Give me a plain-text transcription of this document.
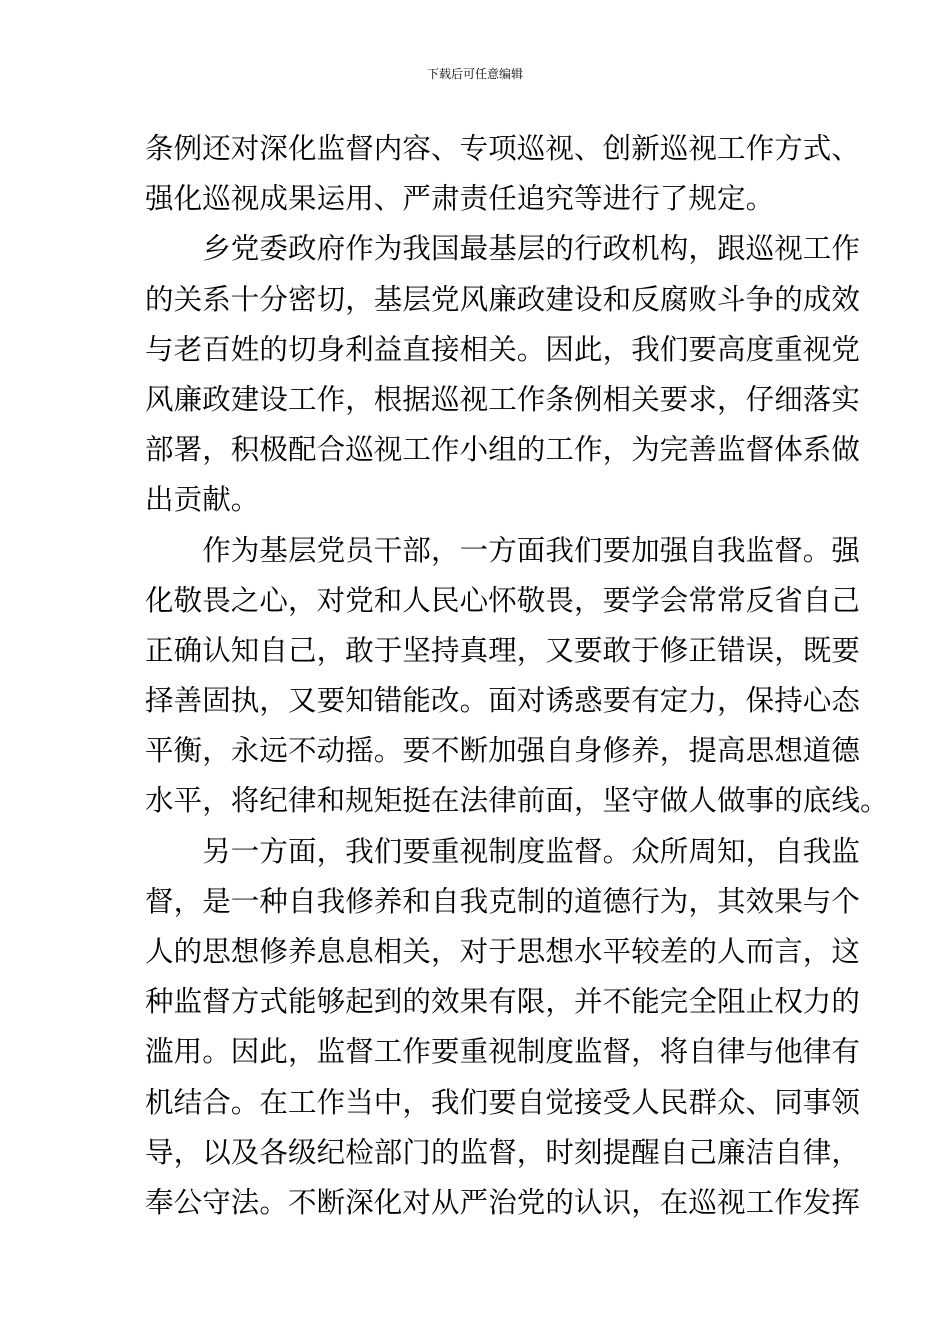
下载后可任意编辑
条例还对深化监督内容、专项巡视、创新巡视工作方式、
强化巡视成果运用、严肃责任追究等进行了规定。
　　乡党委政府作为我国最基层的行政机构，跟巡视工作
的关系十分密切，基层党风廉政建设和反腐败斗争的成效
与老百姓的切身利益直接相关。因此，我们要高度重视党
风廉政建设工作，根据巡视工作条例相关要求，仔细落实
部署，积极配合巡视工作小组的工作，为完善监督体系做
出贡献。
　　作为基层党员干部，一方面我们要加强自我监督。强
化敬畏之心，对党和人民心怀敬畏，要学会常常反省自己
正确认知自己，敢于坚持真理，又要敢于修正错误，既要
择善固执，又要知错能改。面对诱惑要有定力，保持心态
平衡，永远不动摇。要不断加强自身修养，提高思想道德
水平，将纪律和规矩挺在法律前面，坚守做人做事的底线。
　　另一方面，我们要重视制度监督。众所周知，自我监
督，是一种自我修养和自我克制的道德行为，其效果与个
人的思想修养息息相关，对于思想水平较差的人而言，这
种监督方式能够起到的效果有限，并不能完全阻止权力的
滥用。因此，监督工作要重视制度监督，将自律与他律有
机结合。在工作当中，我们要自觉接受人民群众、同事领
导，以及各级纪检部门的监督，时刻提醒自己廉洁自律，
奉公守法。不断深化对从严治党的认识，在巡视工作发挥
